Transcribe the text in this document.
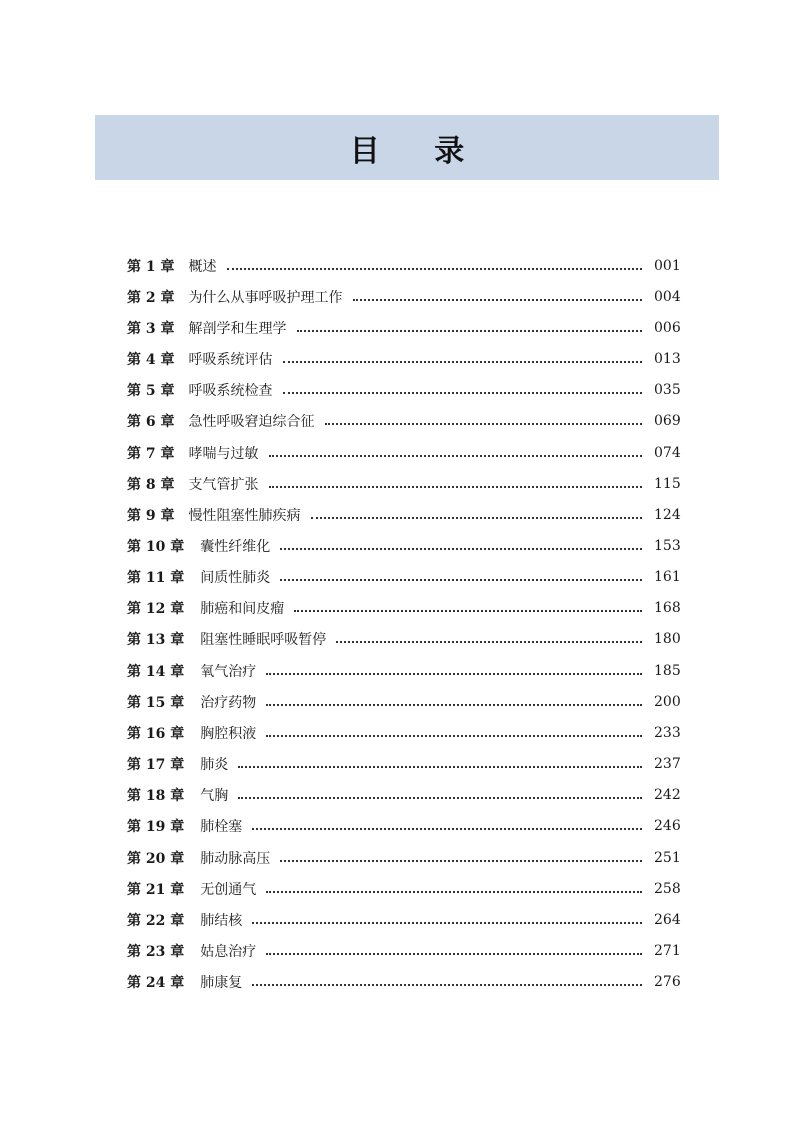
目 录
第 1 章 概述	001
第 2 章 为什么从事呼吸护理工作	004
第 3 章 解剖学和生理学	006
第 4 章 呼吸系统评估	013
第 5 章 呼吸系统检查	035
第 6 章 急性呼吸窘迫综合征	069
第 7 章 哮喘与过敏	074
第 8 章 支气管扩张	115
第 9 章 慢性阻塞性肺疾病	124
第 10 章 囊性纤维化	153
第 11 章 间质性肺炎	161
第 12 章 肺癌和间皮瘤	168
第 13 章 阻塞性睡眠呼吸暂停	180
第 14 章 氧气治疗	185
第 15 章 治疗药物	200
第 16 章 胸腔积液	233
第 17 章 肺炎	237
第 18 章 气胸	242
第 19 章 肺栓塞	246
第 20 章 肺动脉高压	251
第 21 章 无创通气	258
第 22 章 肺结核	264
第 23 章 姑息治疗	271
第 24 章 肺康复	276
